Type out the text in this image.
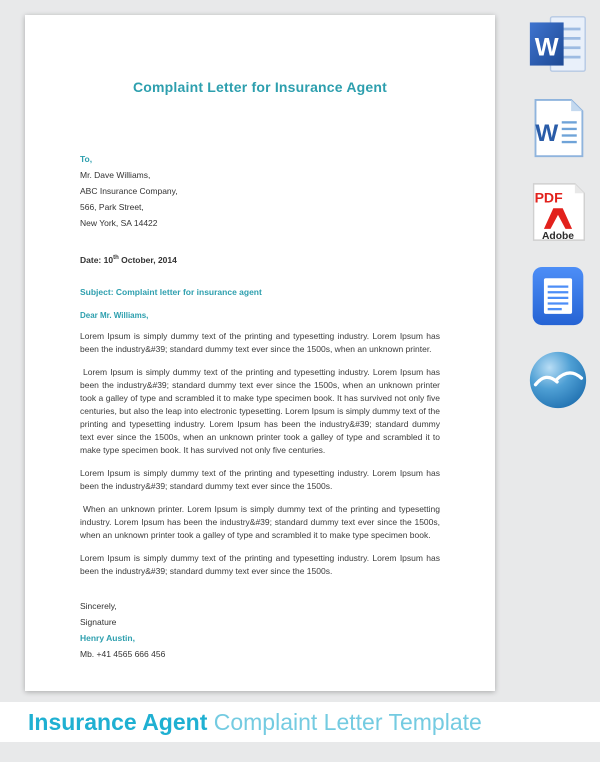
Complaint Letter for Insurance Agent
To,
Mr. Dave Williams,
ABC Insurance Company,
566, Park Street,
New York, SA 14422
Date: 10th October, 2014
Subject: Complaint letter for insurance agent
Dear Mr. Williams,

Lorem Ipsum is simply dummy text of the printing and typesetting industry. Lorem Ipsum has been the industry&#39; standard dummy text ever since the 1500s, when an unknown printer.

Lorem Ipsum is simply dummy text of the printing and typesetting industry. Lorem Ipsum has been the industry&#39; standard dummy text ever since the 1500s, when an unknown printer took a galley of type and scrambled it to make type specimen book. It has survived not only five centuries, but also the leap into electronic typesetting. Lorem Ipsum is simply dummy text of the printing and typesetting industry. Lorem Ipsum has been the industry&#39; standard dummy text ever since the 1500s, when an unknown printer took a galley of type and scrambled it to make type specimen book. It has survived not only five centuries.

Lorem Ipsum is simply dummy text of the printing and typesetting industry. Lorem Ipsum has been the industry&#39; standard dummy text ever since the 1500s.

When an unknown printer. Lorem Ipsum is simply dummy text of the printing and typesetting industry. Lorem Ipsum has been the industry&#39; standard dummy text ever since the 1500s, when an unknown printer took a galley of type and scrambled it to make type specimen book.

Lorem Ipsum is simply dummy text of the printing and typesetting industry. Lorem Ipsum has been the industry&#39; standard dummy text ever since the 1500s.

Sincerely,
Signature
Henry Austin,
Mb. +41 4565 666 456
W
W
PDF
Adobe
Insurance Agent Complaint Letter Template
